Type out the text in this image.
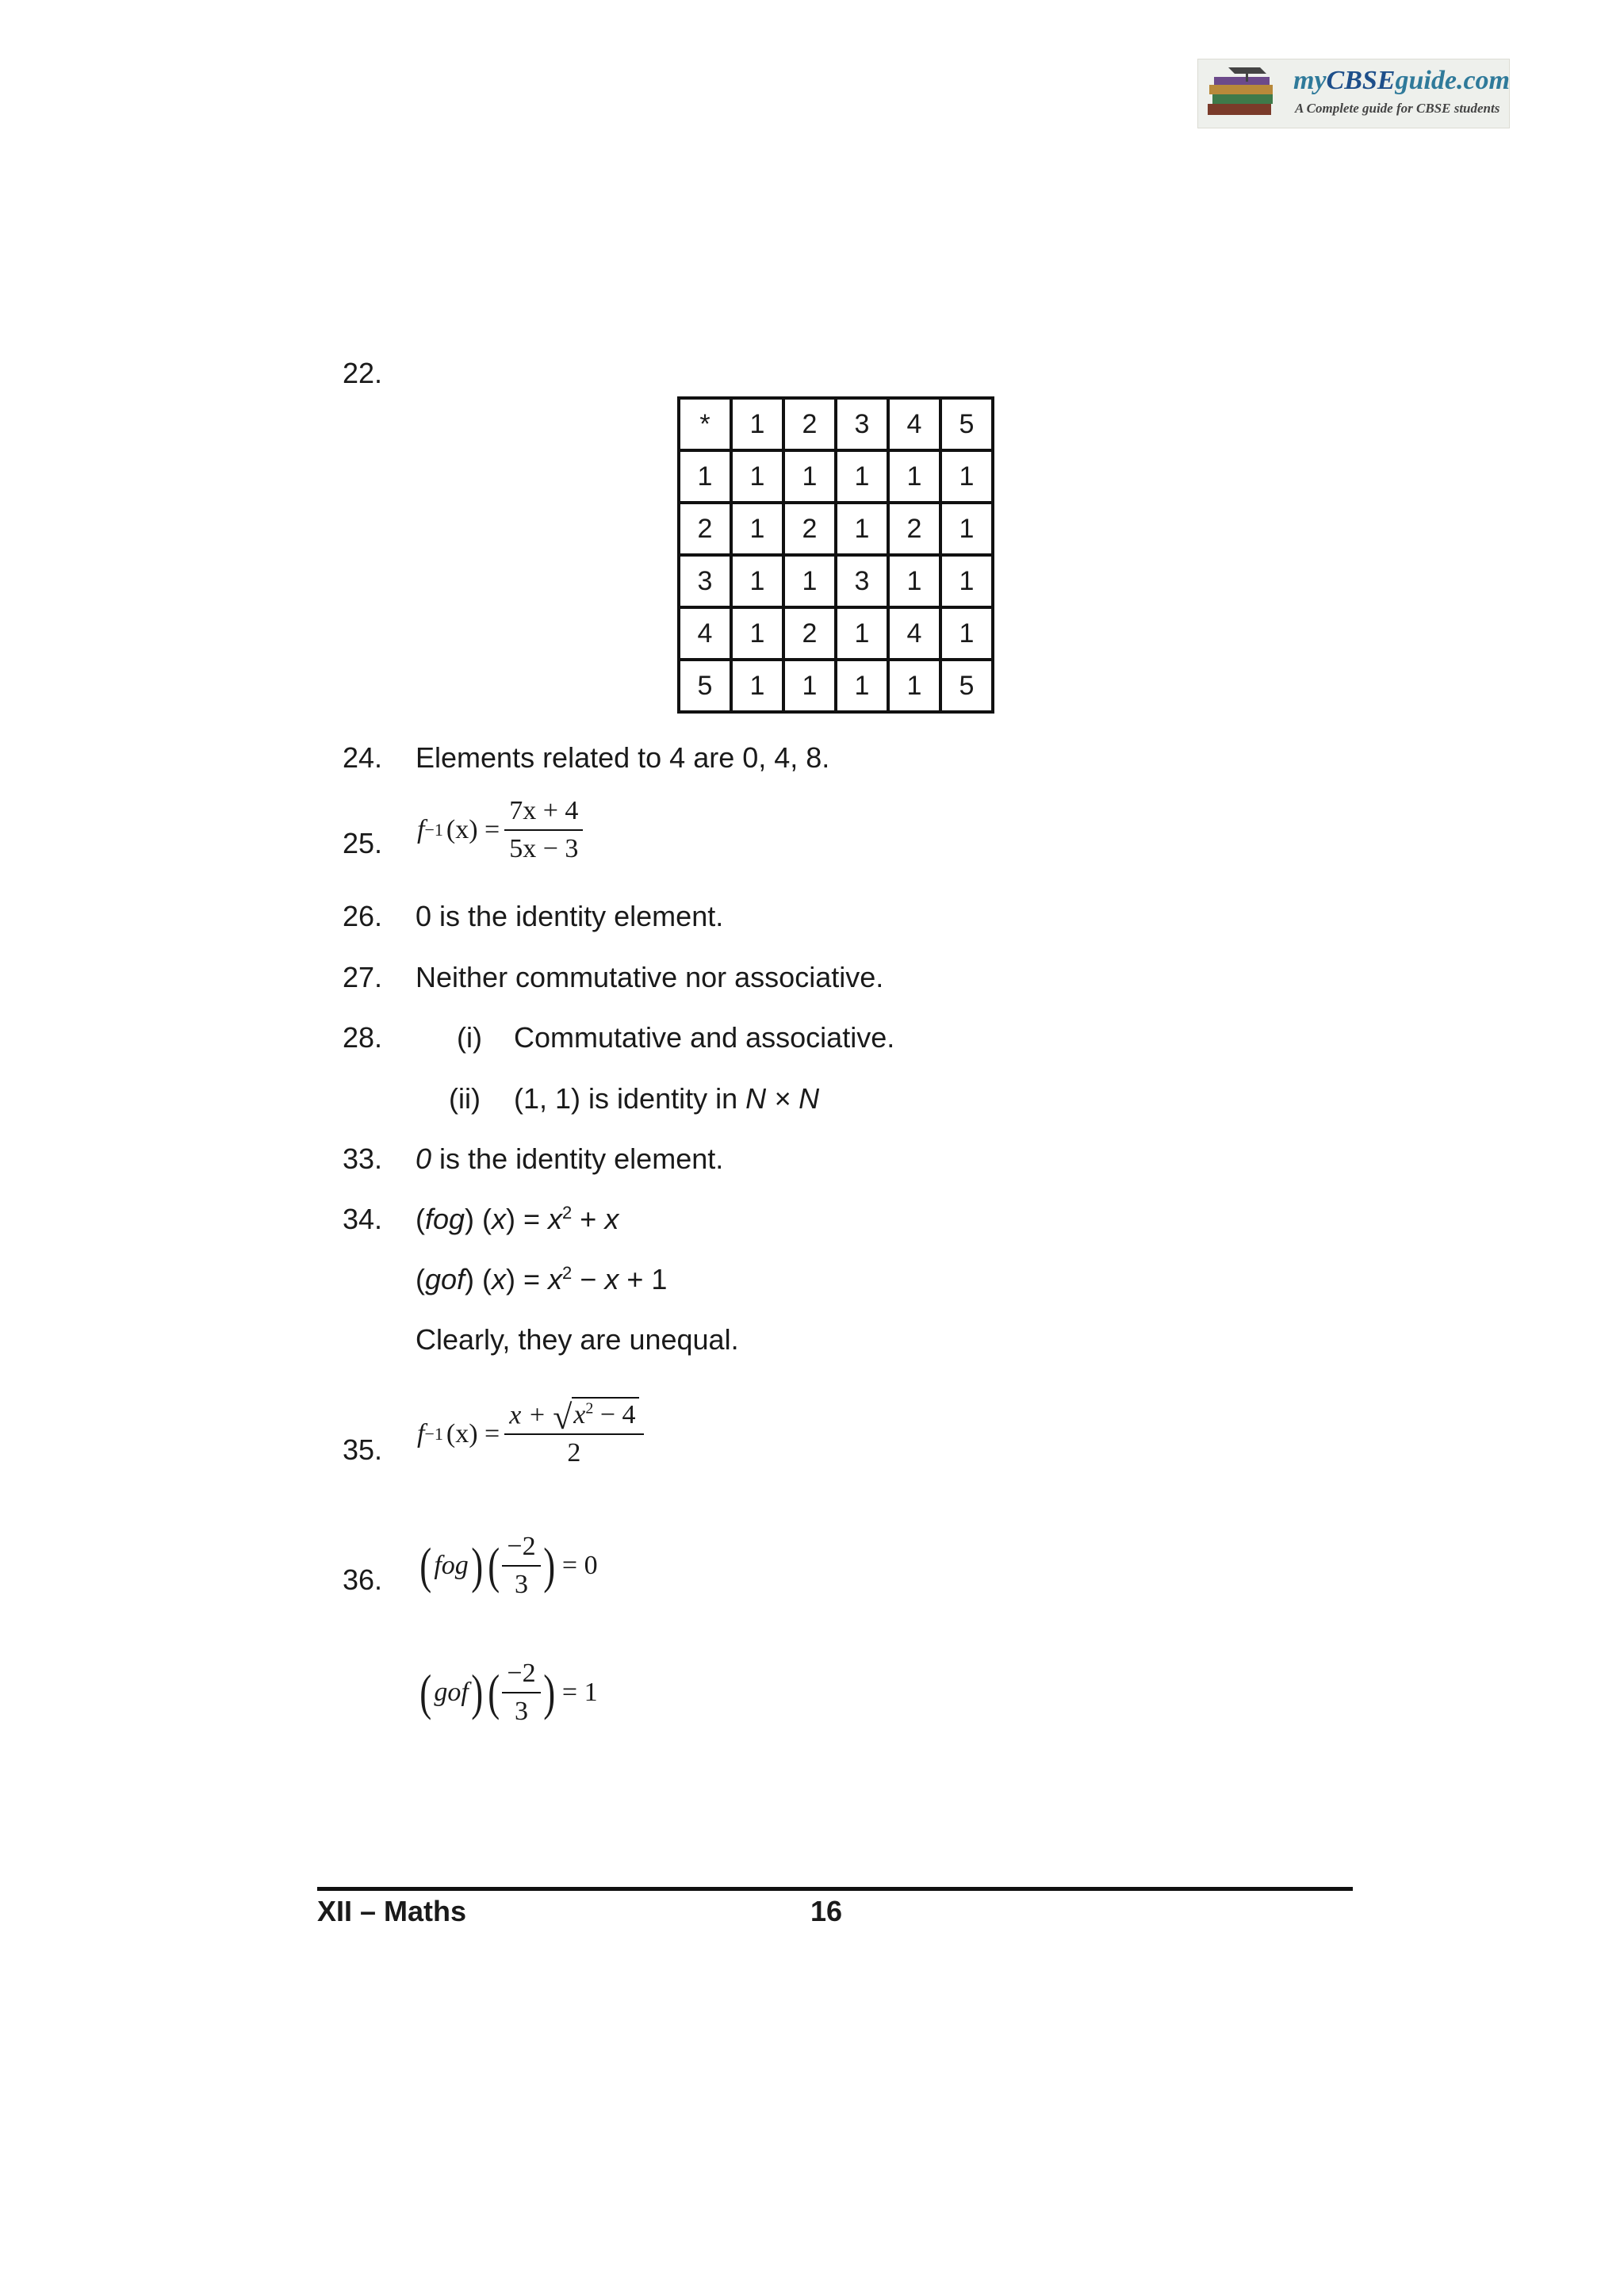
myCBSEguide.com
A Complete guide for CBSE students
22.
*	1	2	3	4	5
1	1	1	1	1	1
2	1	2	1	2	1
3	1	1	3	1	1
4	1	2	1	4	1
5	1	1	1	1	5
24. Elements related to 4 are 0, 4, 8.
25. f −1 $(x) = \frac{7x + 4}{5x - 3}$
26. 0 is the identity element.
27. Neither commutative nor associative.
28.	(i) Commutative and associative.
(ii) (1, 1) is identity in N × N
33. 0 is the identity element.
34. (fog) $(x) = x^2 + x$
(gof) $(x) = x^2 - x + 1$
Clearly, they are unequal.
35. f −1 $(x) = \frac{x + √ x^2 - 4}{2}$
36. ( fog ) ( $\frac{-2}{3}$ ) = 0
( gof ) ( $\frac{-2}{3}$ ) = 1
XII – Maths	16
